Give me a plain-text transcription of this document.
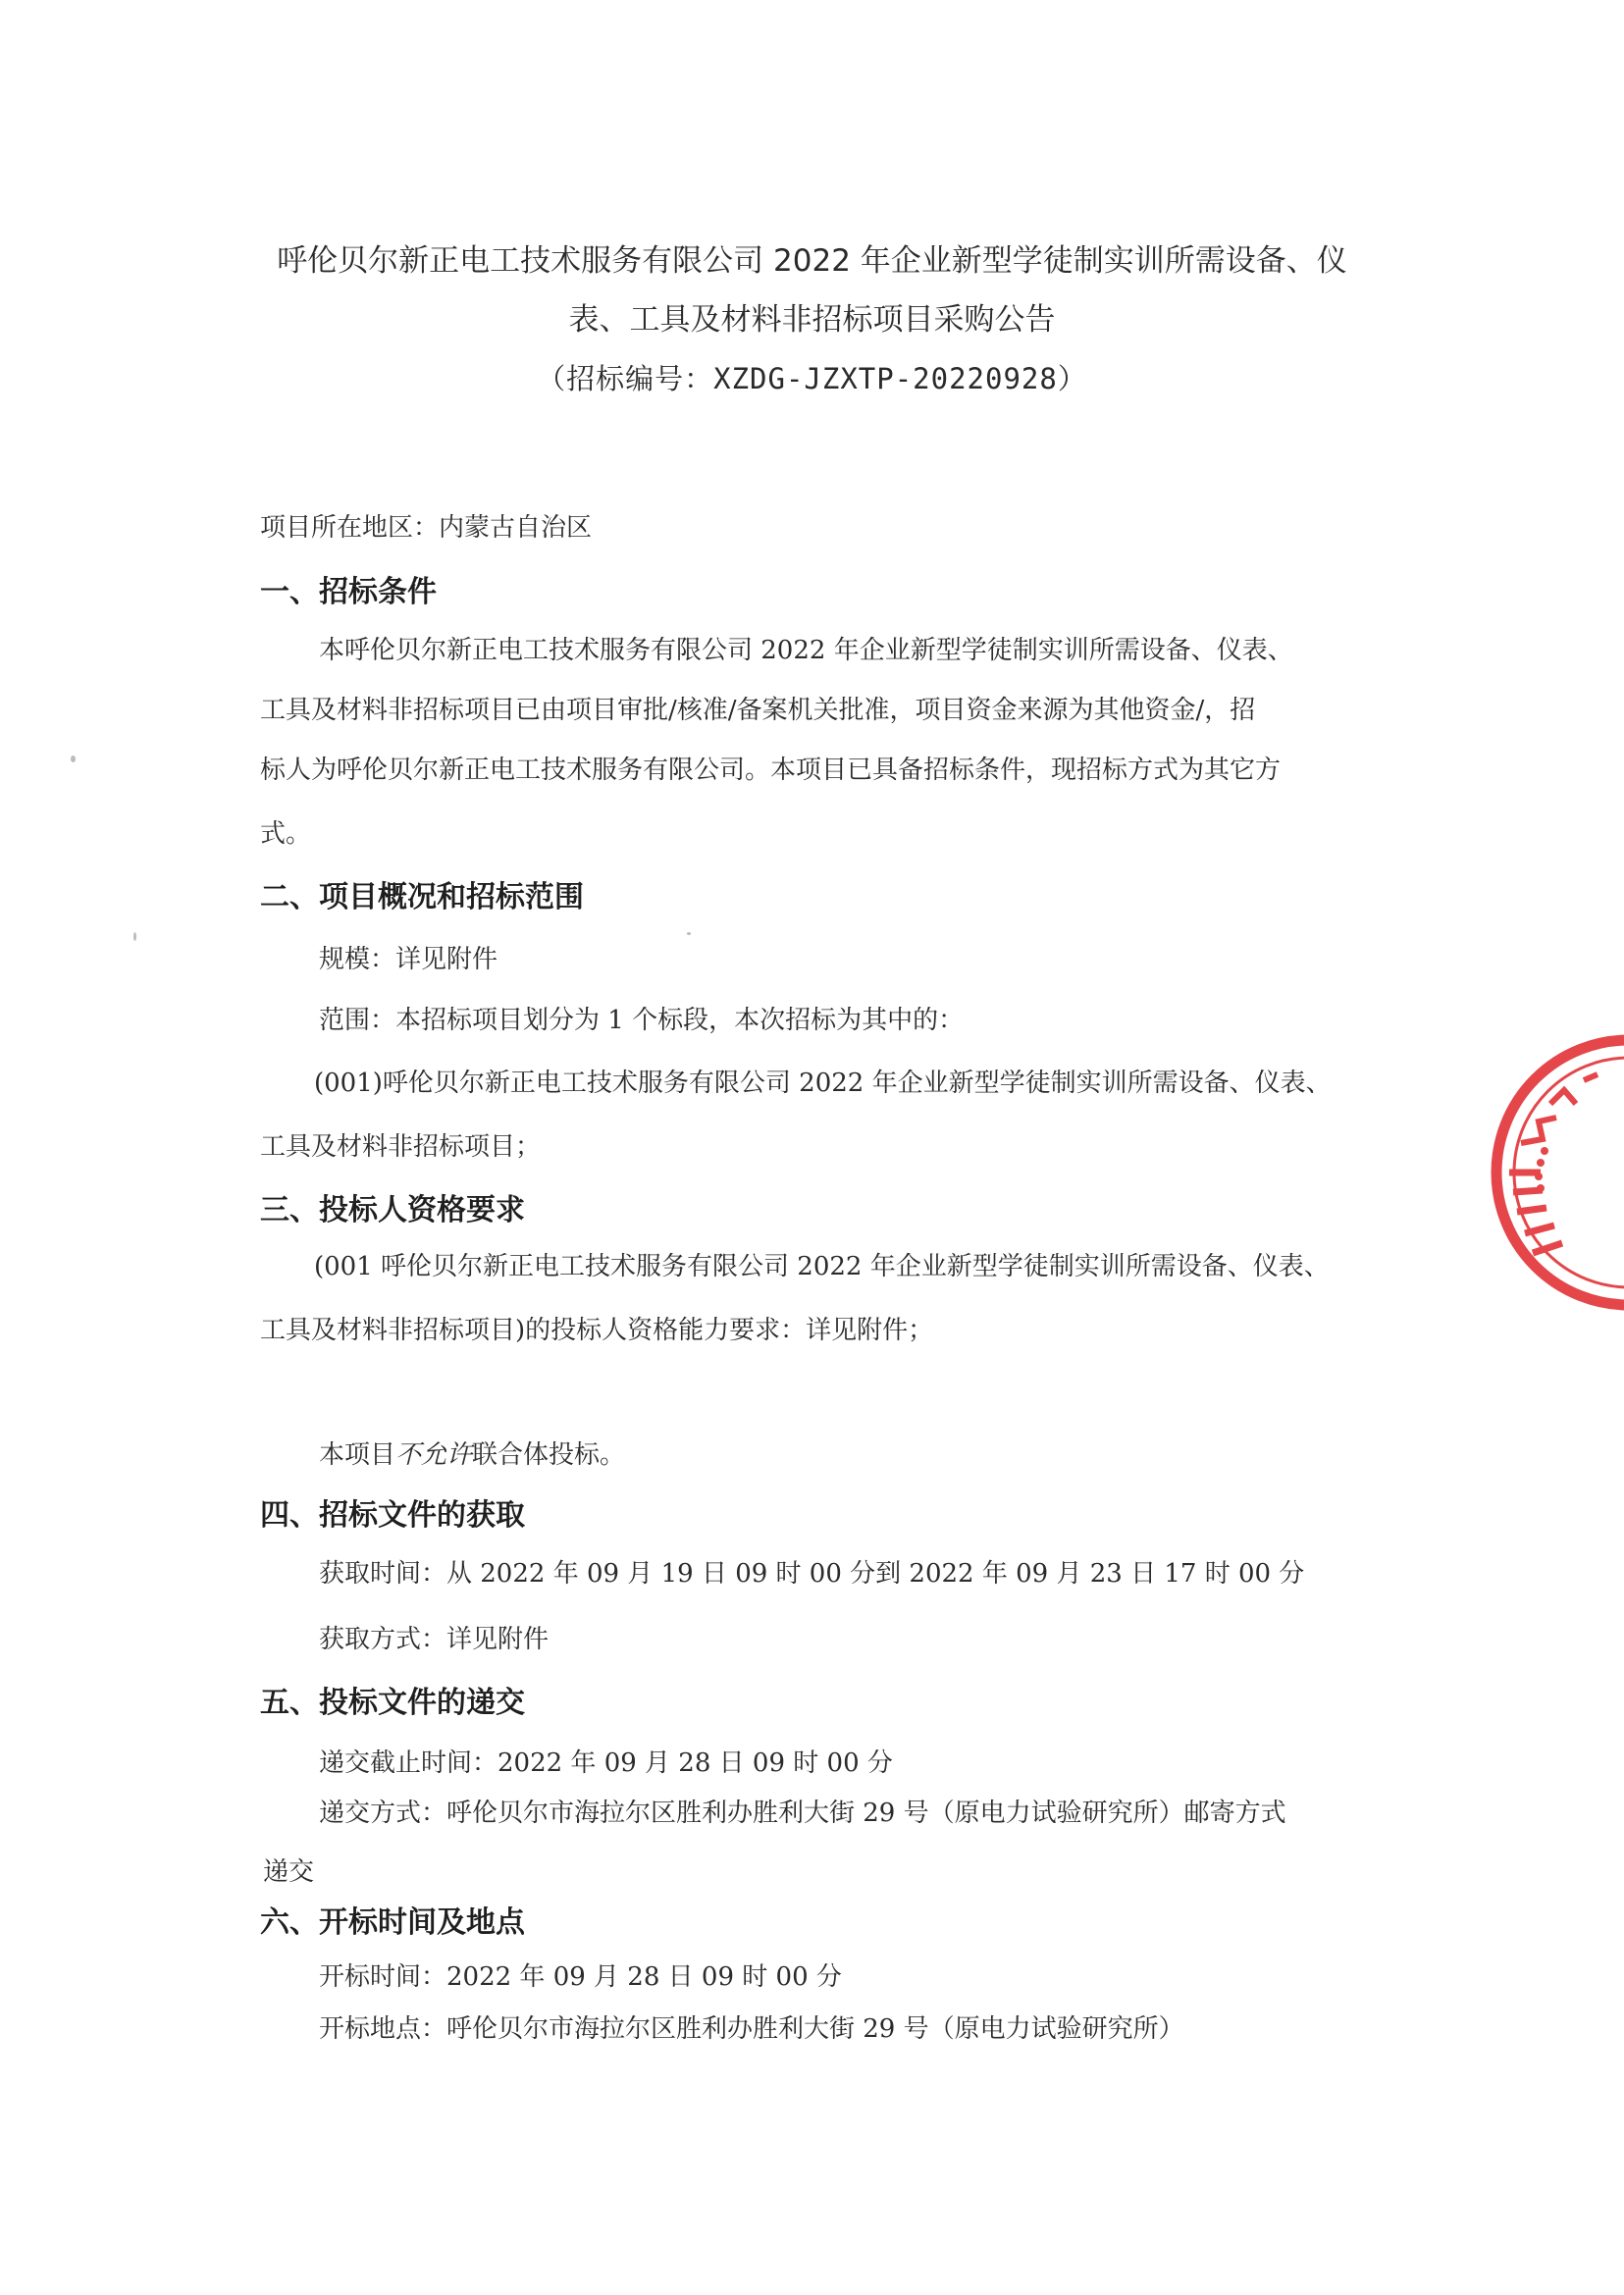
呼伦贝尔新正电工技术服务有限公司 2022 年企业新型学徒制实训所需设备、仪
表、工具及材料非招标项目采购公告
（招标编号：XZDG-JZXTP-20220928）
项目所在地区：内蒙古自治区
一、招标条件
本呼伦贝尔新正电工技术服务有限公司 2022 年企业新型学徒制实训所需设备、仪表、
工具及材料非招标项目已由项目审批/核准/备案机关批准，项目资金来源为其他资金/，招
标人为呼伦贝尔新正电工技术服务有限公司。本项目已具备招标条件，现招标方式为其它方
式。
二、项目概况和招标范围
规模：详见附件
范围：本招标项目划分为 1 个标段，本次招标为其中的：
(001)呼伦贝尔新正电工技术服务有限公司 2022 年企业新型学徒制实训所需设备、仪表、
工具及材料非招标项目；
三、投标人资格要求
(001 呼伦贝尔新正电工技术服务有限公司 2022 年企业新型学徒制实训所需设备、仪表、
工具及材料非招标项目)的投标人资格能力要求：详见附件；
本项目不允许联合体投标。
四、招标文件的获取
获取时间：从 2022 年 09 月 19 日 09 时 00 分到 2022 年 09 月 23 日 17 时 00 分
获取方式：详见附件
五、投标文件的递交
递交截止时间：2022 年 09 月 28 日 09 时 00 分
递交方式：呼伦贝尔市海拉尔区胜利办胜利大街 29 号（原电力试验研究所）邮寄方式
递交
六、开标时间及地点
开标时间：2022 年 09 月 28 日 09 时 00 分
开标地点：呼伦贝尔市海拉尔区胜利办胜利大街 29 号（原电力试验研究所）
